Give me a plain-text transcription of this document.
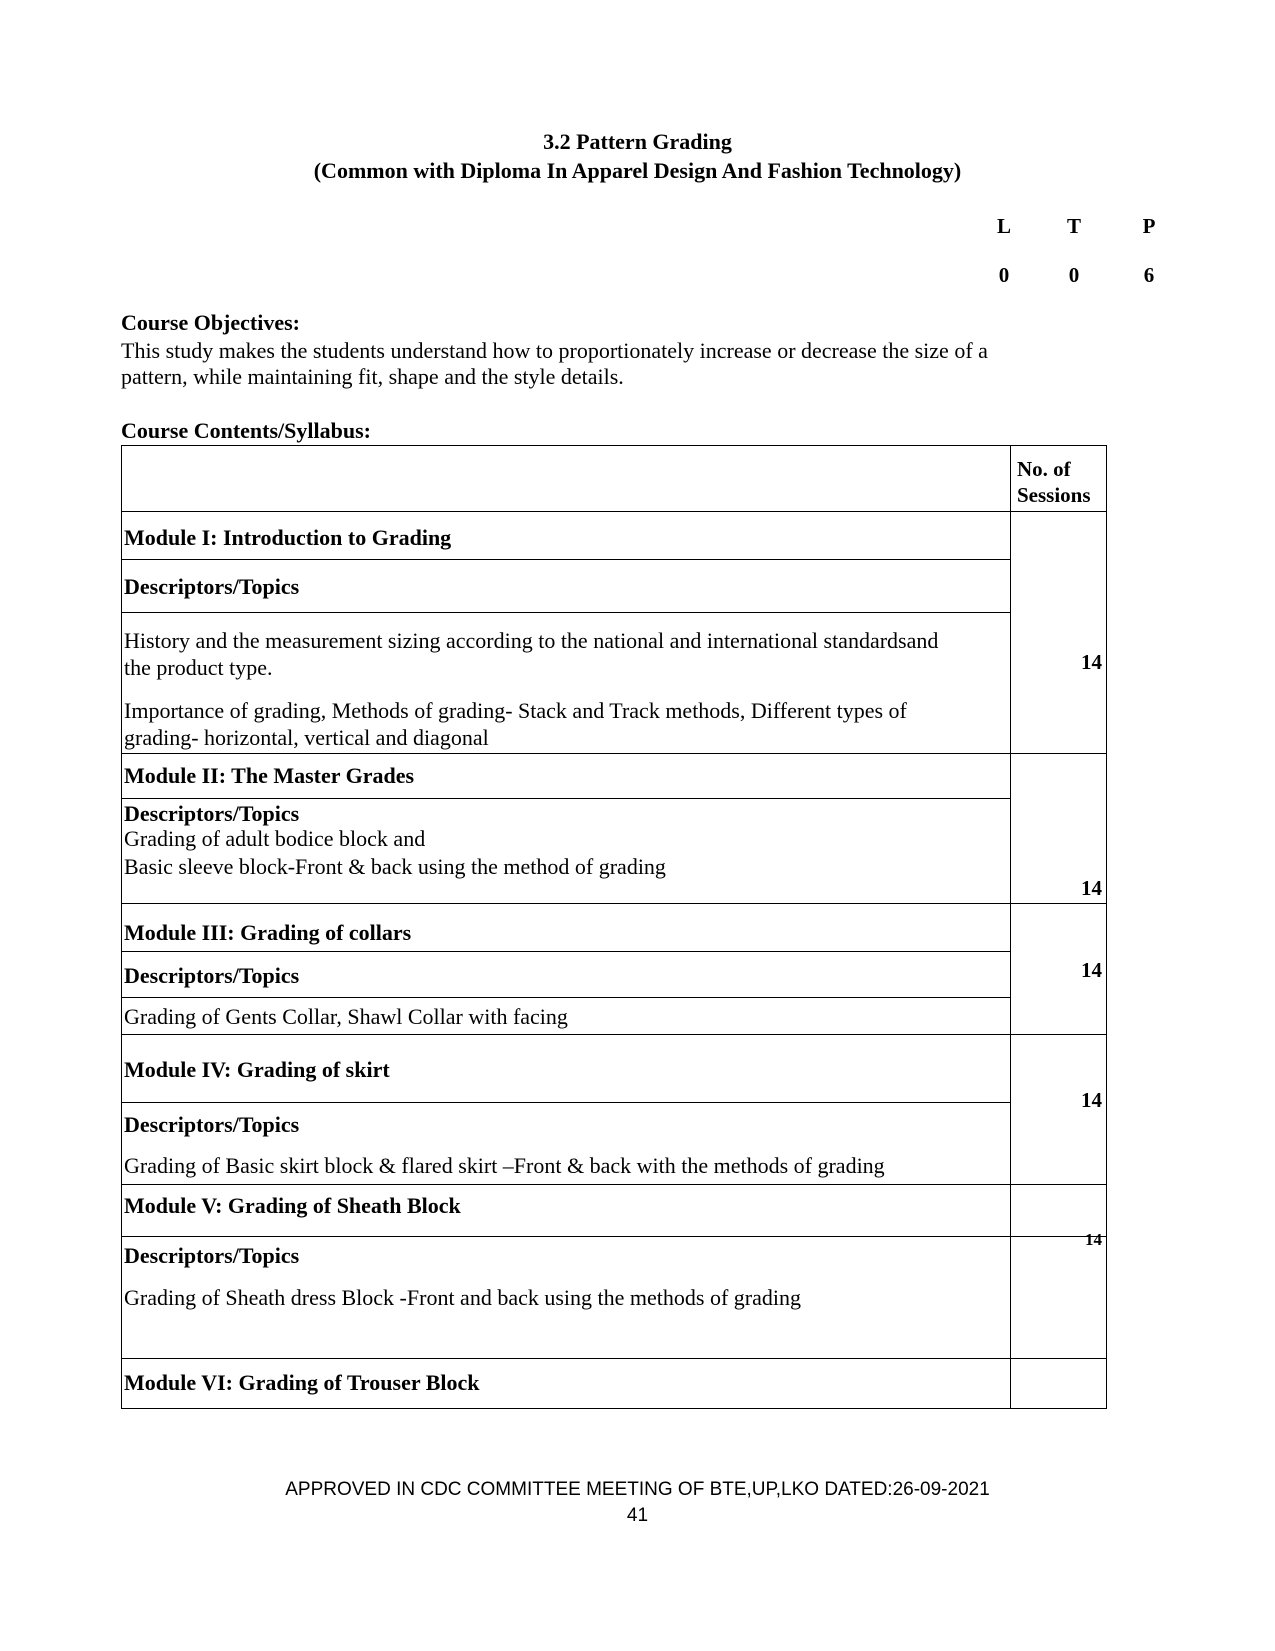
3.2 Pattern Grading
(Common with Diploma In Apparel Design And Fashion Technology)
L	T	P
0	0	6
Course Objectives:
This study makes the students understand how to proportionately increase or decrease the size of a
pattern, while maintaining fit, shape and the style details.
Course Contents/Syllabus:
No. of
Sessions
Module I: Introduction to Grading
Descriptors/Topics
History and the measurement sizing according to the national and international standardsand
the product type.
Importance of grading, Methods of grading- Stack and Track methods, Different types of
grading- horizontal, vertical and diagonal
14
Module II: The Master Grades
Descriptors/Topics
Grading of adult bodice block and
Basic sleeve block-Front & back using the method of grading
14
Module III: Grading of collars
Descriptors/Topics
Grading of Gents Collar, Shawl Collar with facing
14
Module IV: Grading of skirt
Descriptors/Topics
Grading of Basic skirt block & flared skirt –Front & back with the methods of grading
14
Module V: Grading of Sheath Block
Descriptors/Topics
Grading of Sheath dress Block -Front and back using the methods of grading
14
Module VI: Grading of Trouser Block
APPROVED IN CDC COMMITTEE MEETING OF BTE,UP,LKO DATED:26-09-2021
41
